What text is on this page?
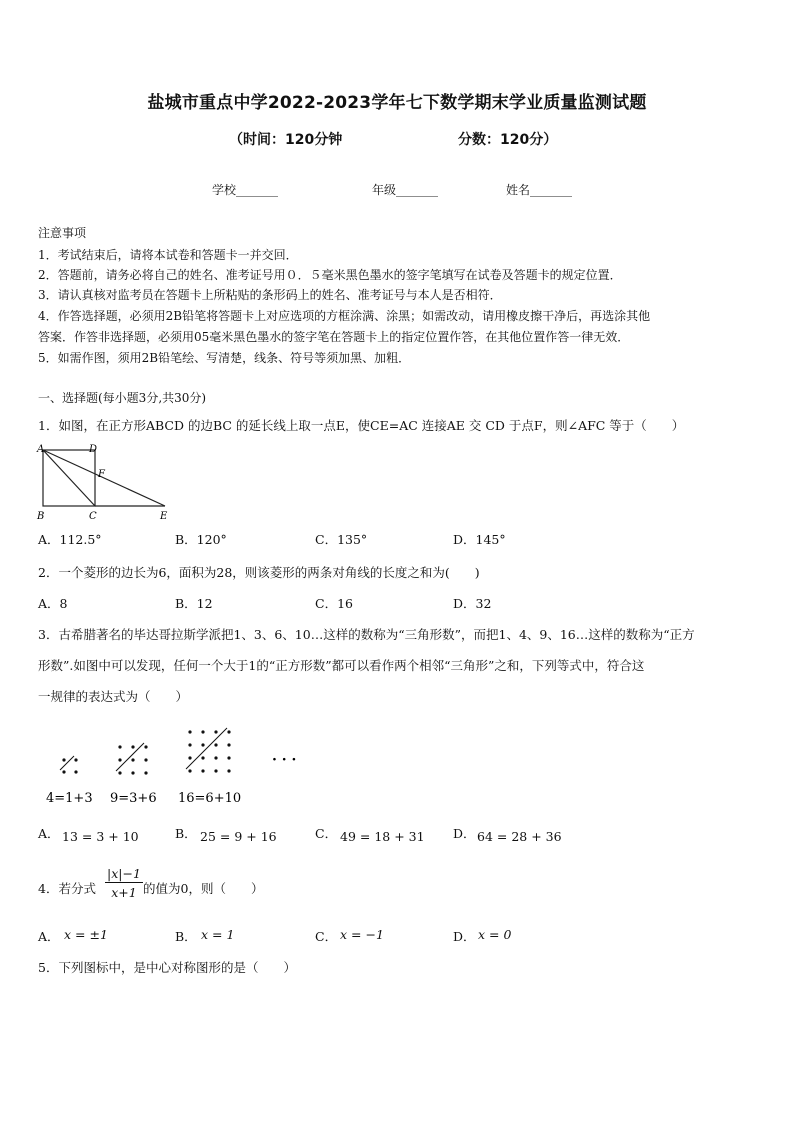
盐城市重点中学2022-2023学年七下数学期末学业质量监测试题
（时间：120分钟	分数：120分）
学校_______	年级_______	姓名_______
注意事项
1．考试结束后，请将本试卷和答题卡一并交回．
2．答题前，请务必将自己的姓名、准考证号用０．５毫米黑色墨水的签字笔填写在试卷及答题卡的规定位置．
3．请认真核对监考员在答题卡上所粘贴的条形码上的姓名、准考证号与本人是否相符．
4．作答选择题，必须用2B铅笔将答题卡上对应选项的方框涂满、涂黑；如需改动，请用橡皮擦干净后，再选涂其他
答案．作答非选择题，必须用05毫米黑色墨水的签字笔在答题卡上的指定位置作答，在其他位置作答一律无效．
5．如需作图，须用2B铅笔绘、写清楚，线条、符号等须加黑、加粗．
一、选择题(每小题3分,共30分)
1．如图，在正方形ABCD 的边BC 的延长线上取一点E，使CE=AC 连接AE 交 CD 于点F，则∠AFC 等于（　　）
A	D
F
B	C	E
A．112.5°	B．120°	C．135°	D．145°
2．一个菱形的边长为6，面积为28，则该菱形的两条对角线的长度之和为(　　)
A．8	B．12	C．16	D．32
3．古希腊著名的毕达哥拉斯学派把1、3、6、10…这样的数称为“三角形数”，而把1、4、9、16…这样的数称为“正方
形数”.如图中可以发现，任何一个大于1的“正方形数”都可以看作两个相邻“三角形”之和，下列等式中，符合这
一规律的表达式为（　　）
4=1+3 9=3+6 16=6+10
· · ·
A． 13 = 3 + 10	B． 25 = 9 + 16	C． 49 = 18 + 31 D． 64 = 28 + 36
4．若分式 $\frac{|x|-1}{x+1}$ 的值为0，则（　　）
A． x = ±1	B． x = 1	C． x = −1	D． x = 0
5．下列图标中，是中心对称图形的是（　　）
